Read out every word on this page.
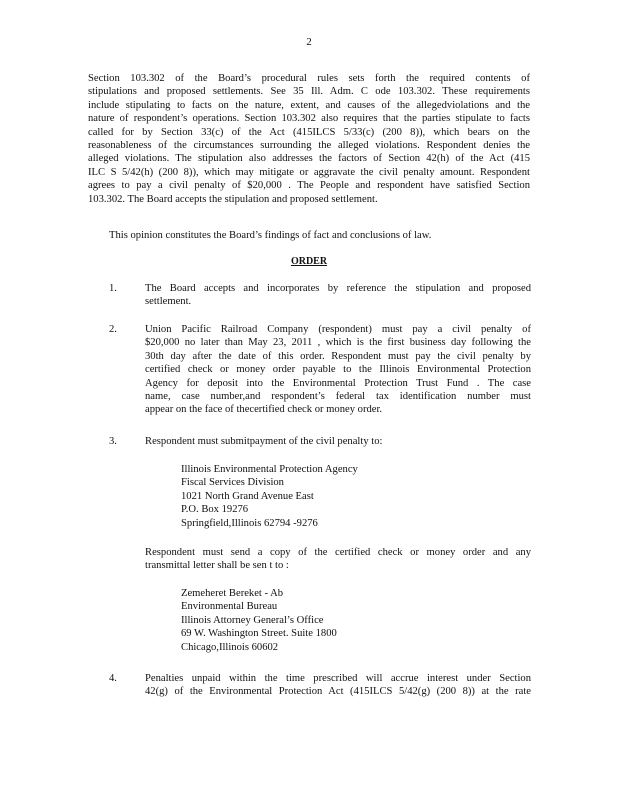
2
Section 103.302 of the Board’s procedural rules sets forth the required contents of
stipulations and proposed settlements. See 35 Ill. Adm. C ode 103.302. These requirements
include stipulating to facts on the nature, extent, and causes of the allegedviolations and the
nature of respondent’s operations. Section 103.302 also requires that the parties stipulate to facts
called for by Section 33(c) of the Act (415ILCS 5/33(c) (200 8)), which bears on the
reasonableness of the circumstances surrounding the alleged violations. Respondent denies the
alleged violations. The stipulation also addresses the factors of Section 42(h) of the Act (415
ILC S 5/42(h) (200 8)), which may mitigate or aggravate the civil penalty amount. Respondent
agrees to pay a civil penalty of $20,000 . The People and respondent have satisfied Section
103.302. The Board accepts the stipulation and proposed settlement.
This opinion constitutes the Board’s findings of fact and conclusions of law.
ORDER
1.	The Board accepts and incorporates by reference the stipulation and proposed
settlement.
2.	Union Pacific Railroad Company (respondent) must pay a civil penalty of
$20,000 no later than May 23, 2011 , which is the first business day following the
30th day after the date of this order. Respondent must pay the civil penalty by
certified check or money order payable to the Illinois Environmental Protection
Agency for deposit into the Environmental Protection Trust Fund . The case
name, case number,and respondent’s federal tax identification number must
appear on the face of thecertified check or money order.
3.	Respondent must submitpayment of the civil penalty to:
Illinois Environmental Protection Agency
Fiscal Services Division
1021 North Grand Avenue East
P.O. Box 19276
Springfield,Illinois 62794 -9276
Respondent must send a copy of the certified check or money order and any
transmittal letter shall be sen t to :
Zemeheret Bereket - Ab
Environmental Bureau
Illinois Attorney General’s Office
69 W. Washington Street. Suite 1800
Chicago,Illinois 60602
4.	Penalties unpaid within the time prescribed will accrue interest under Section
42(g) of the Environmental Protection Act (415ILCS 5/42(g) (200 8)) at the rate
